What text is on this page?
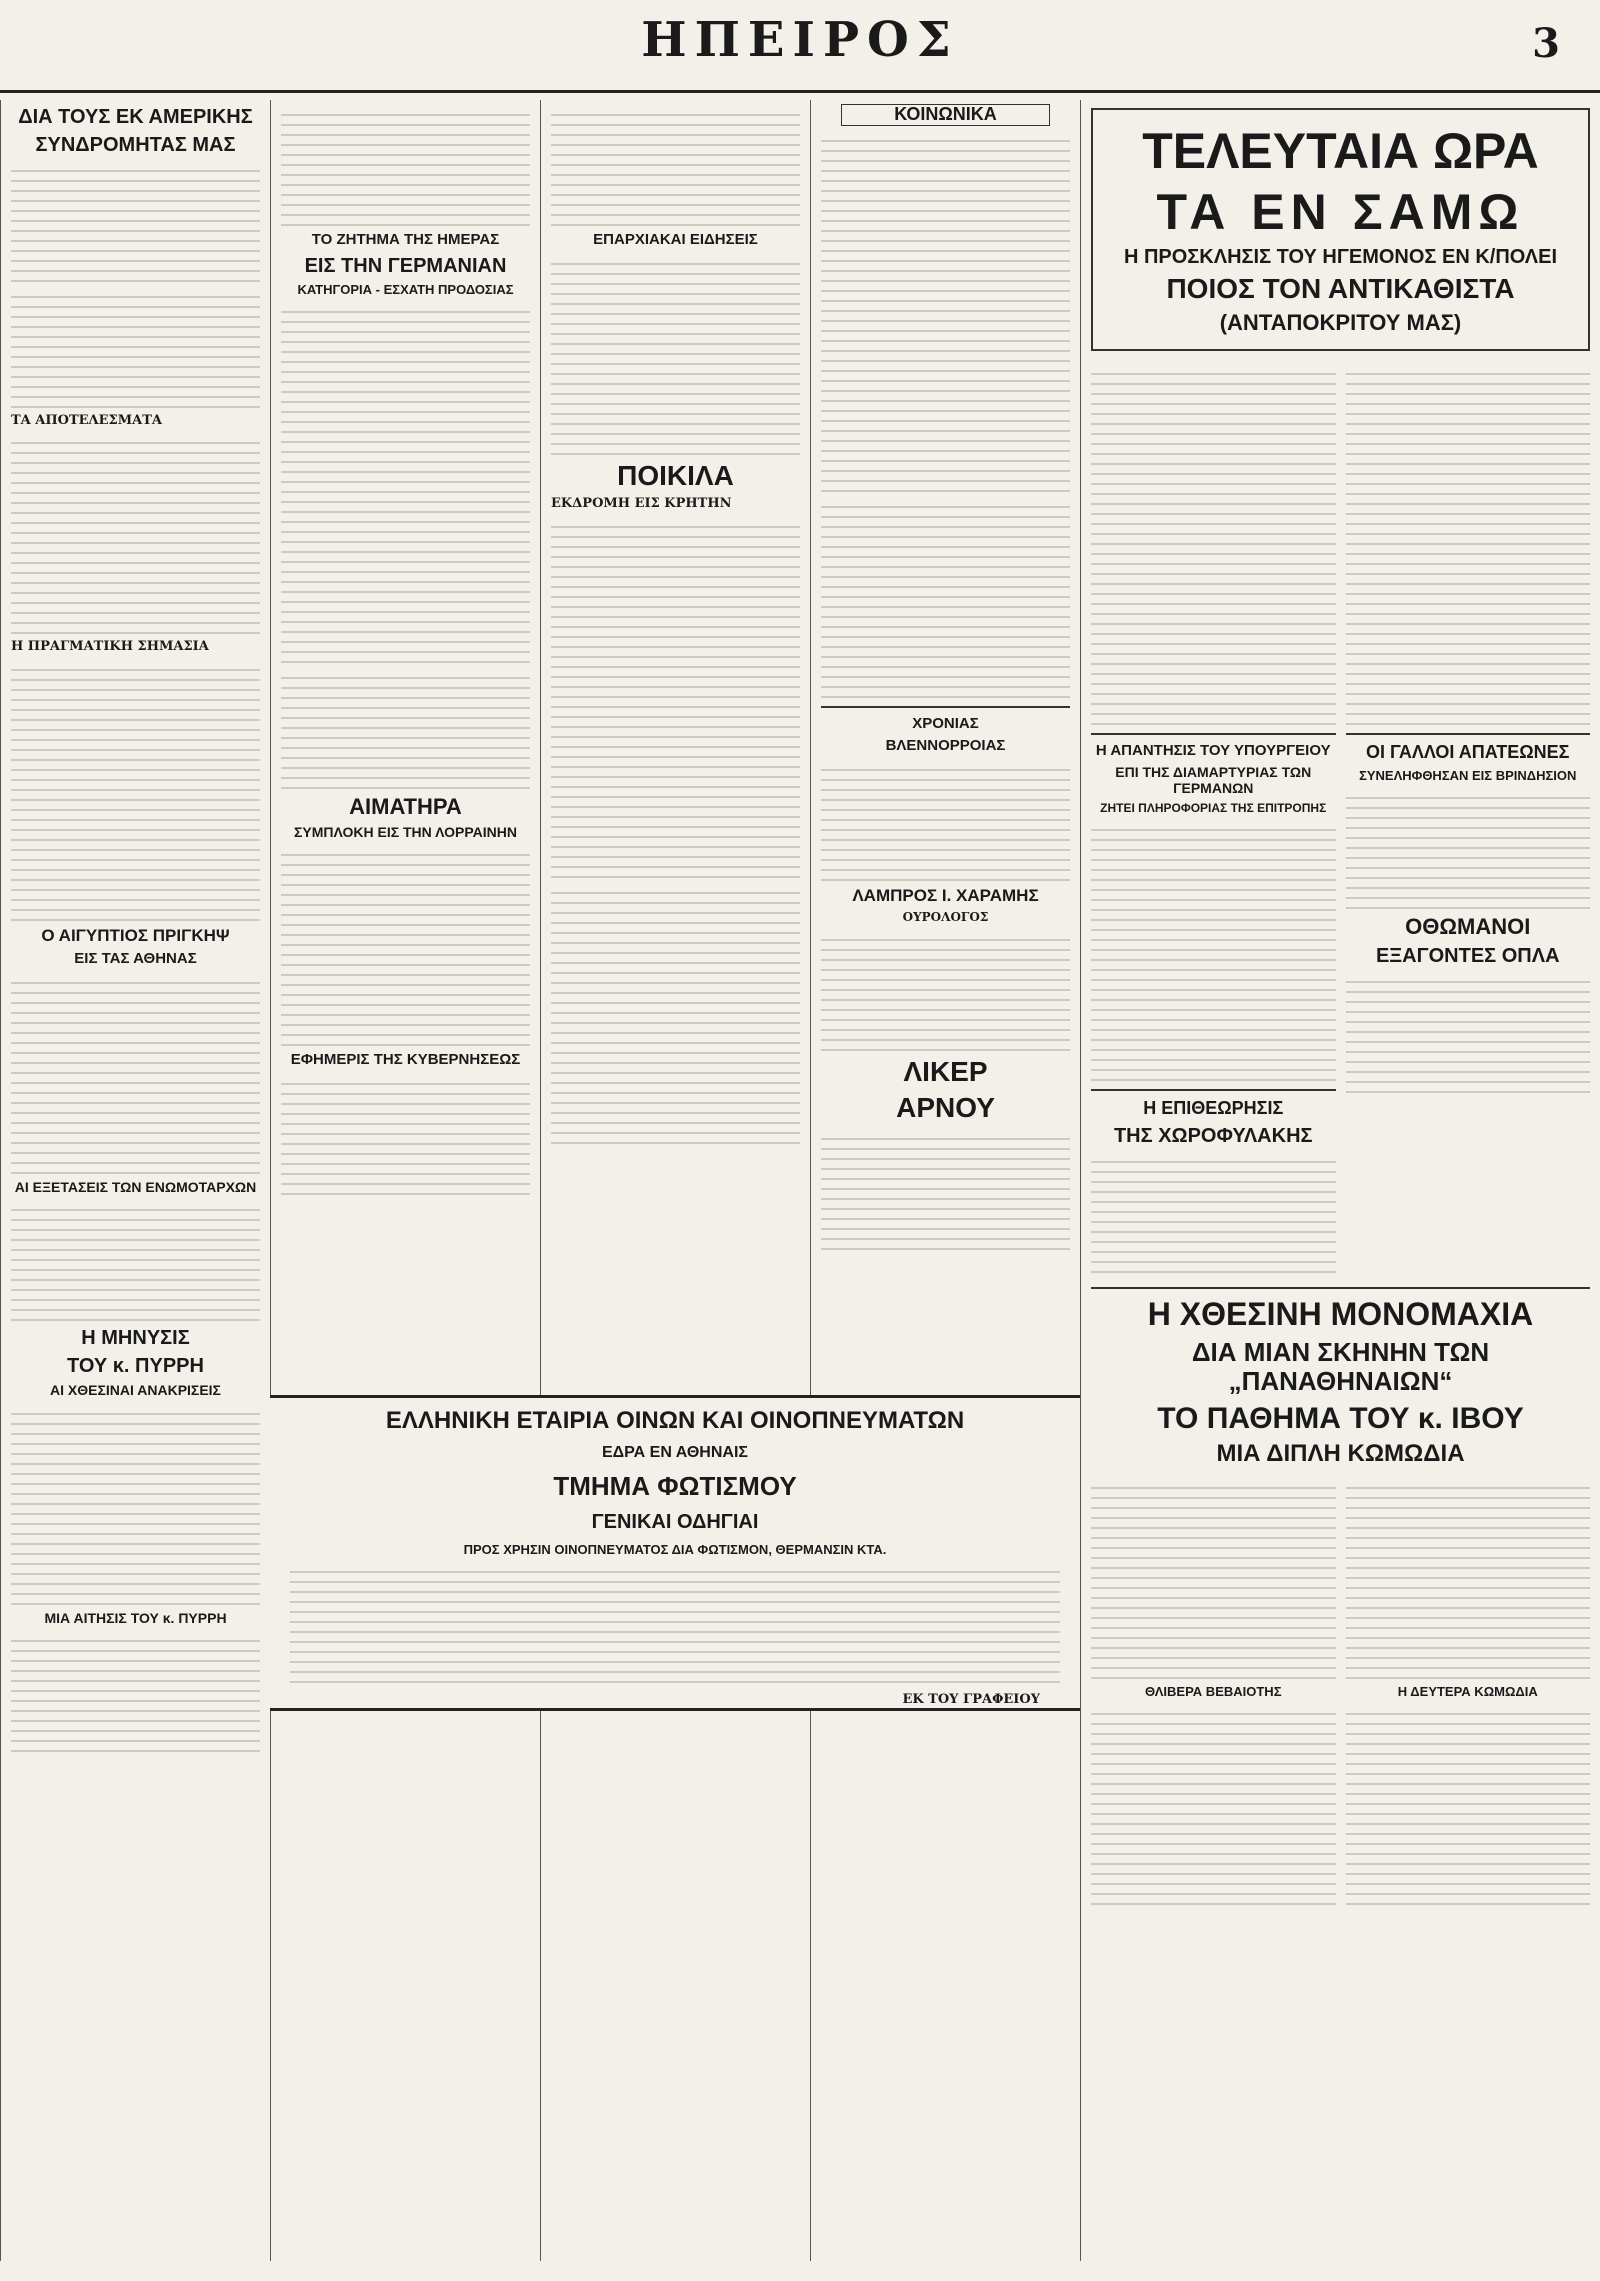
ΗΠΕΙΡΟΣ	3
ΔΙΑ ΤΟΥΣ ΕΚ ΑΜΕΡΙΚΗΣ
ΣΥΝΔΡΟΜΗΤΑΣ ΜΑΣ
ΤΑ ΑΠΟΤΕΛΕΣΜΑΤΑ
Η ΠΡΑΓΜΑΤΙΚΗ ΣΗΜΑΣΙΑ
Ο ΑΙΓΥΠΤΙΟΣ ΠΡΙΓΚΗΨ
ΕΙΣ ΤΑΣ ΑΘΗΝΑΣ
ΑΙ ΕΞΕΤΑΣΕΙΣ ΤΩΝ ΕΝΩΜΟΤΑΡΧΩΝ
Η ΜΗΝΥΣΙΣ
ΤΟΥ κ. ΠΥΡΡΗ
ΑΙ ΧΘΕΣΙΝΑΙ ΑΝΑΚΡΙΣΕΙΣ
ΜΙΑ ΑΙΤΗΣΙΣ ΤΟΥ κ. ΠΥΡΡΗ
ΤΟ ΖΗΤΗΜΑ ΤΗΣ ΗΜΕΡΑΣ
ΕΙΣ ΤΗΝ ΓΕΡΜΑΝΙΑΝ
ΚΑΤΗΓΟΡΙΑ - ΕΣΧΑΤΗ ΠΡΟΔΟΣΙΑΣ
ΑΙΜΑΤΗΡΑ
ΣΥΜΠΛΟΚΗ ΕΙΣ ΤΗΝ ΛΟΡΡΑΙΝΗΝ
ΕΦΗΜΕΡΙΣ ΤΗΣ ΚΥΒΕΡΝΗΣΕΩΣ
ΕΠΑΡΧΙΑΚΑΙ ΕΙΔΗΣΕΙΣ
ΠΟΙΚΙΛΑ
ΕΚΔΡΟΜΗ ΕΙΣ ΚΡΗΤΗΝ
ΚΟΙΝΩΝΙΚΑ
ΧΡΟΝΙΑΣ
ΒΛΕΝΝΟΡΡΟΙΑΣ
ΛΑΜΠΡΟΣ Ι. ΧΑΡΑΜΗΣ
ΟΥΡΟΛΟΓΟΣ
ΛΙΚΕΡ
ΑΡΝΟΥ
ΤΕΛΕΥΤΑΙΑ ΩΡΑ
ΤΑ ΕΝ ΣΑΜΩ
Η ΠΡΟΣΚΛΗΣΙΣ ΤΟΥ ΗΓΕΜΟΝΟΣ ΕΝ Κ/ΠΟΛΕΙ
ΠΟΙΟΣ ΤΟΝ ΑΝΤΙΚΑΘΙΣΤΑ
(ΑΝΤΑΠΟΚΡΙΤΟΥ ΜΑΣ)
Η ΑΠΑΝΤΗΣΙΣ ΤΟΥ ΥΠΟΥΡΓΕΙΟΥ
ΕΠΙ ΤΗΣ ΔΙΑΜΑΡΤΥΡΙΑΣ ΤΩΝ ΓΕΡΜΑΝΩΝ
ΖΗΤΕΙ ΠΛΗΡΟΦΟΡΙΑΣ ΤΗΣ ΕΠΙΤΡΟΠΗΣ
Η ΕΠΙΘΕΩΡΗΣΙΣ
ΤΗΣ ΧΩΡΟΦΥΛΑΚΗΣ
ΟΙ ΓΑΛΛΟΙ ΑΠΑΤΕΩΝΕΣ
ΣΥΝΕΛΗΦΘΗΣΑΝ ΕΙΣ ΒΡΙΝΔΗΣΙΟΝ
ΟΘΩΜΑΝΟΙ
ΕΞΑΓΟΝΤΕΣ ΟΠΛΑ
Η ΧΘΕΣΙΝΗ ΜΟΝΟΜΑΧΙΑ
ΔΙΑ ΜΙΑΝ ΣΚΗΝΗΝ ΤΩΝ „ΠΑΝΑΘΗΝΑΙΩΝ“
ΤΟ ΠΑΘΗΜΑ ΤΟΥ κ. ΙΒΟΥ
ΜΙΑ ΔΙΠΛΗ ΚΩΜΩΔΙΑ
ΘΛΙΒΕΡΑ ΒΕΒΑΙΟΤΗΣ	Η ΔΕΥΤΕΡΑ ΚΩΜΩΔΙΑ
ΕΛΛΗΝΙΚΗ ΕΤΑΙΡΙΑ ΟΙΝΩΝ ΚΑΙ ΟΙΝΟΠΝΕΥΜΑΤΩΝ
ΕΔΡΑ ΕΝ ΑΘΗΝΑΙΣ
ΤΜΗΜΑ ΦΩΤΙΣΜΟΥ
ΓΕΝΙΚΑΙ ΟΔΗΓΙΑΙ
ΠΡΟΣ ΧΡΗΣΙΝ ΟΙΝΟΠΝΕΥΜΑΤΟΣ ΔΙΑ ΦΩΤΙΣΜΟΝ, ΘΕΡΜΑΝΣΙΝ ΚΤΑ.
ΕΚ ΤΟΥ ΓΡΑΦΕΙΟΥ
